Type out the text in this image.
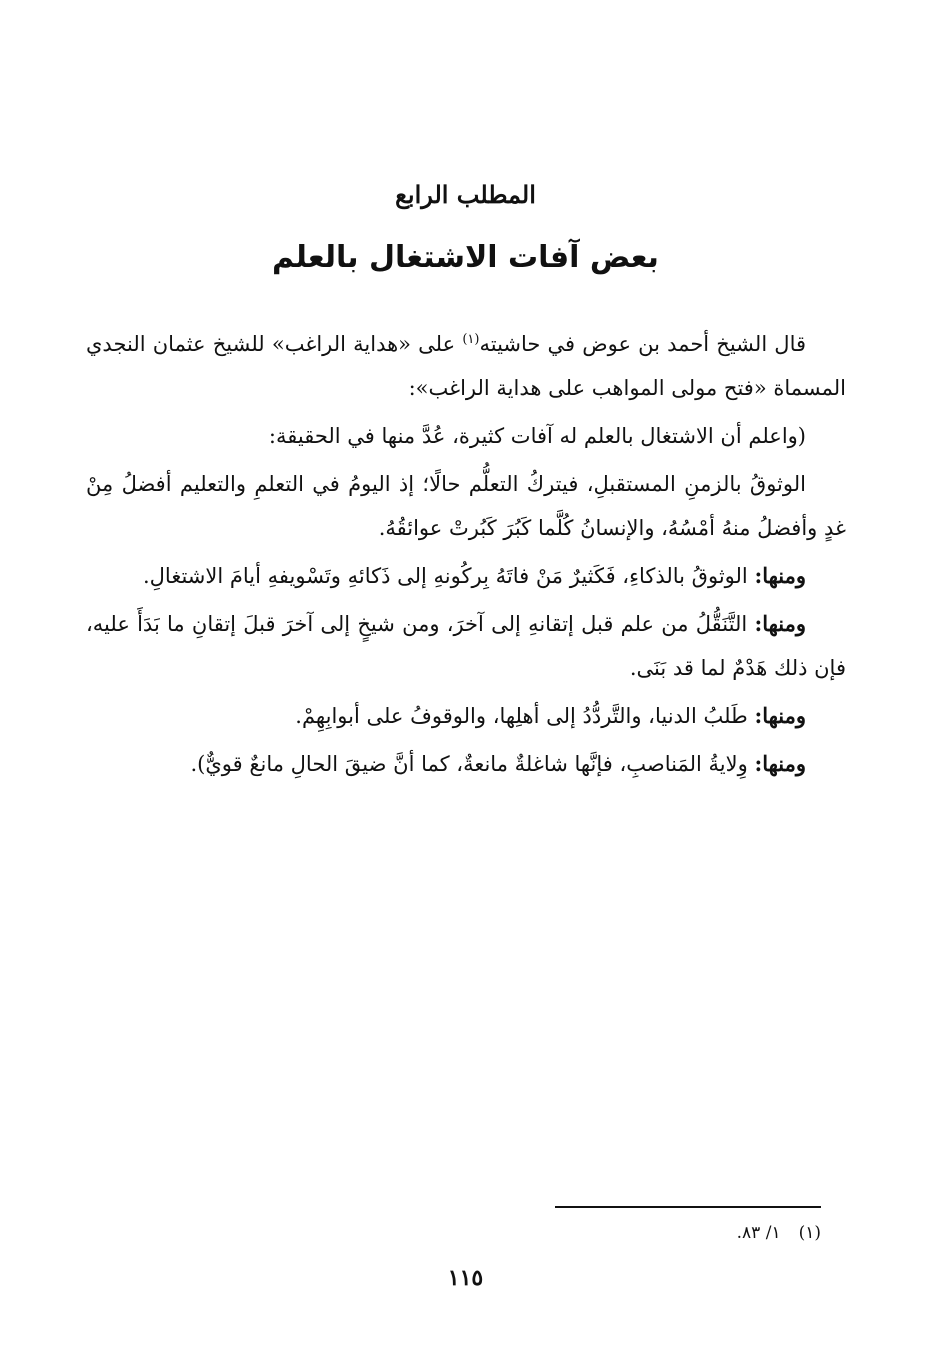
المطلب الرابع
بعض آفات الاشتغال بالعلم

قال الشيخ أحمد بن عوض في حاشيته$^{(١)}$ على «هداية الراغب» للشيخ عثمان النجدي المسماة «فتح مولى المواهب على هداية الراغب»:

(واعلم أن الاشتغال بالعلم له آفات كثيرة، عُدَّ منها في الحقيقة:

الوثوقُ بالزمنِ المستقبلِ، فيتركُ التعلُّم حالًا؛ إذ اليومُ في التعلمِ والتعليم أفضلُ مِنْ غدٍ وأفضلُ منهُ أمْسُهُ، والإنسانُ كُلَّما كَبُرَ كَبُرتْ عوائقُهُ.

ومنها: الوثوقُ بالذكاءِ، فَكَثيرٌ مَنْ فاتَهُ بِركُونهِ إلى ذَكائهِ وتَسْويفهِ أيامَ الاشتغالِ.

ومنها: التَّنَقُّلُ من علم قبل إتقانهِ إلى آخرَ، ومن شيخٍ إلى آخرَ قبلَ إتقانِ ما بَدَأَ عليه، فإن ذلك هَدْمٌ لما قد بَنَى.

ومنها: طَلبُ الدنيا، والتَّردُّدُ إلى أهلِها، والوقوفُ على أبوابِهِمْ.

ومنها: وِلايةُ المَناصبِ، فإنَّها شاغلةٌ مانعةٌ، كما أنَّ ضيقَ الحالِ مانعٌ قويٌّ).

(١)١/ ٨٣.
١١٥
